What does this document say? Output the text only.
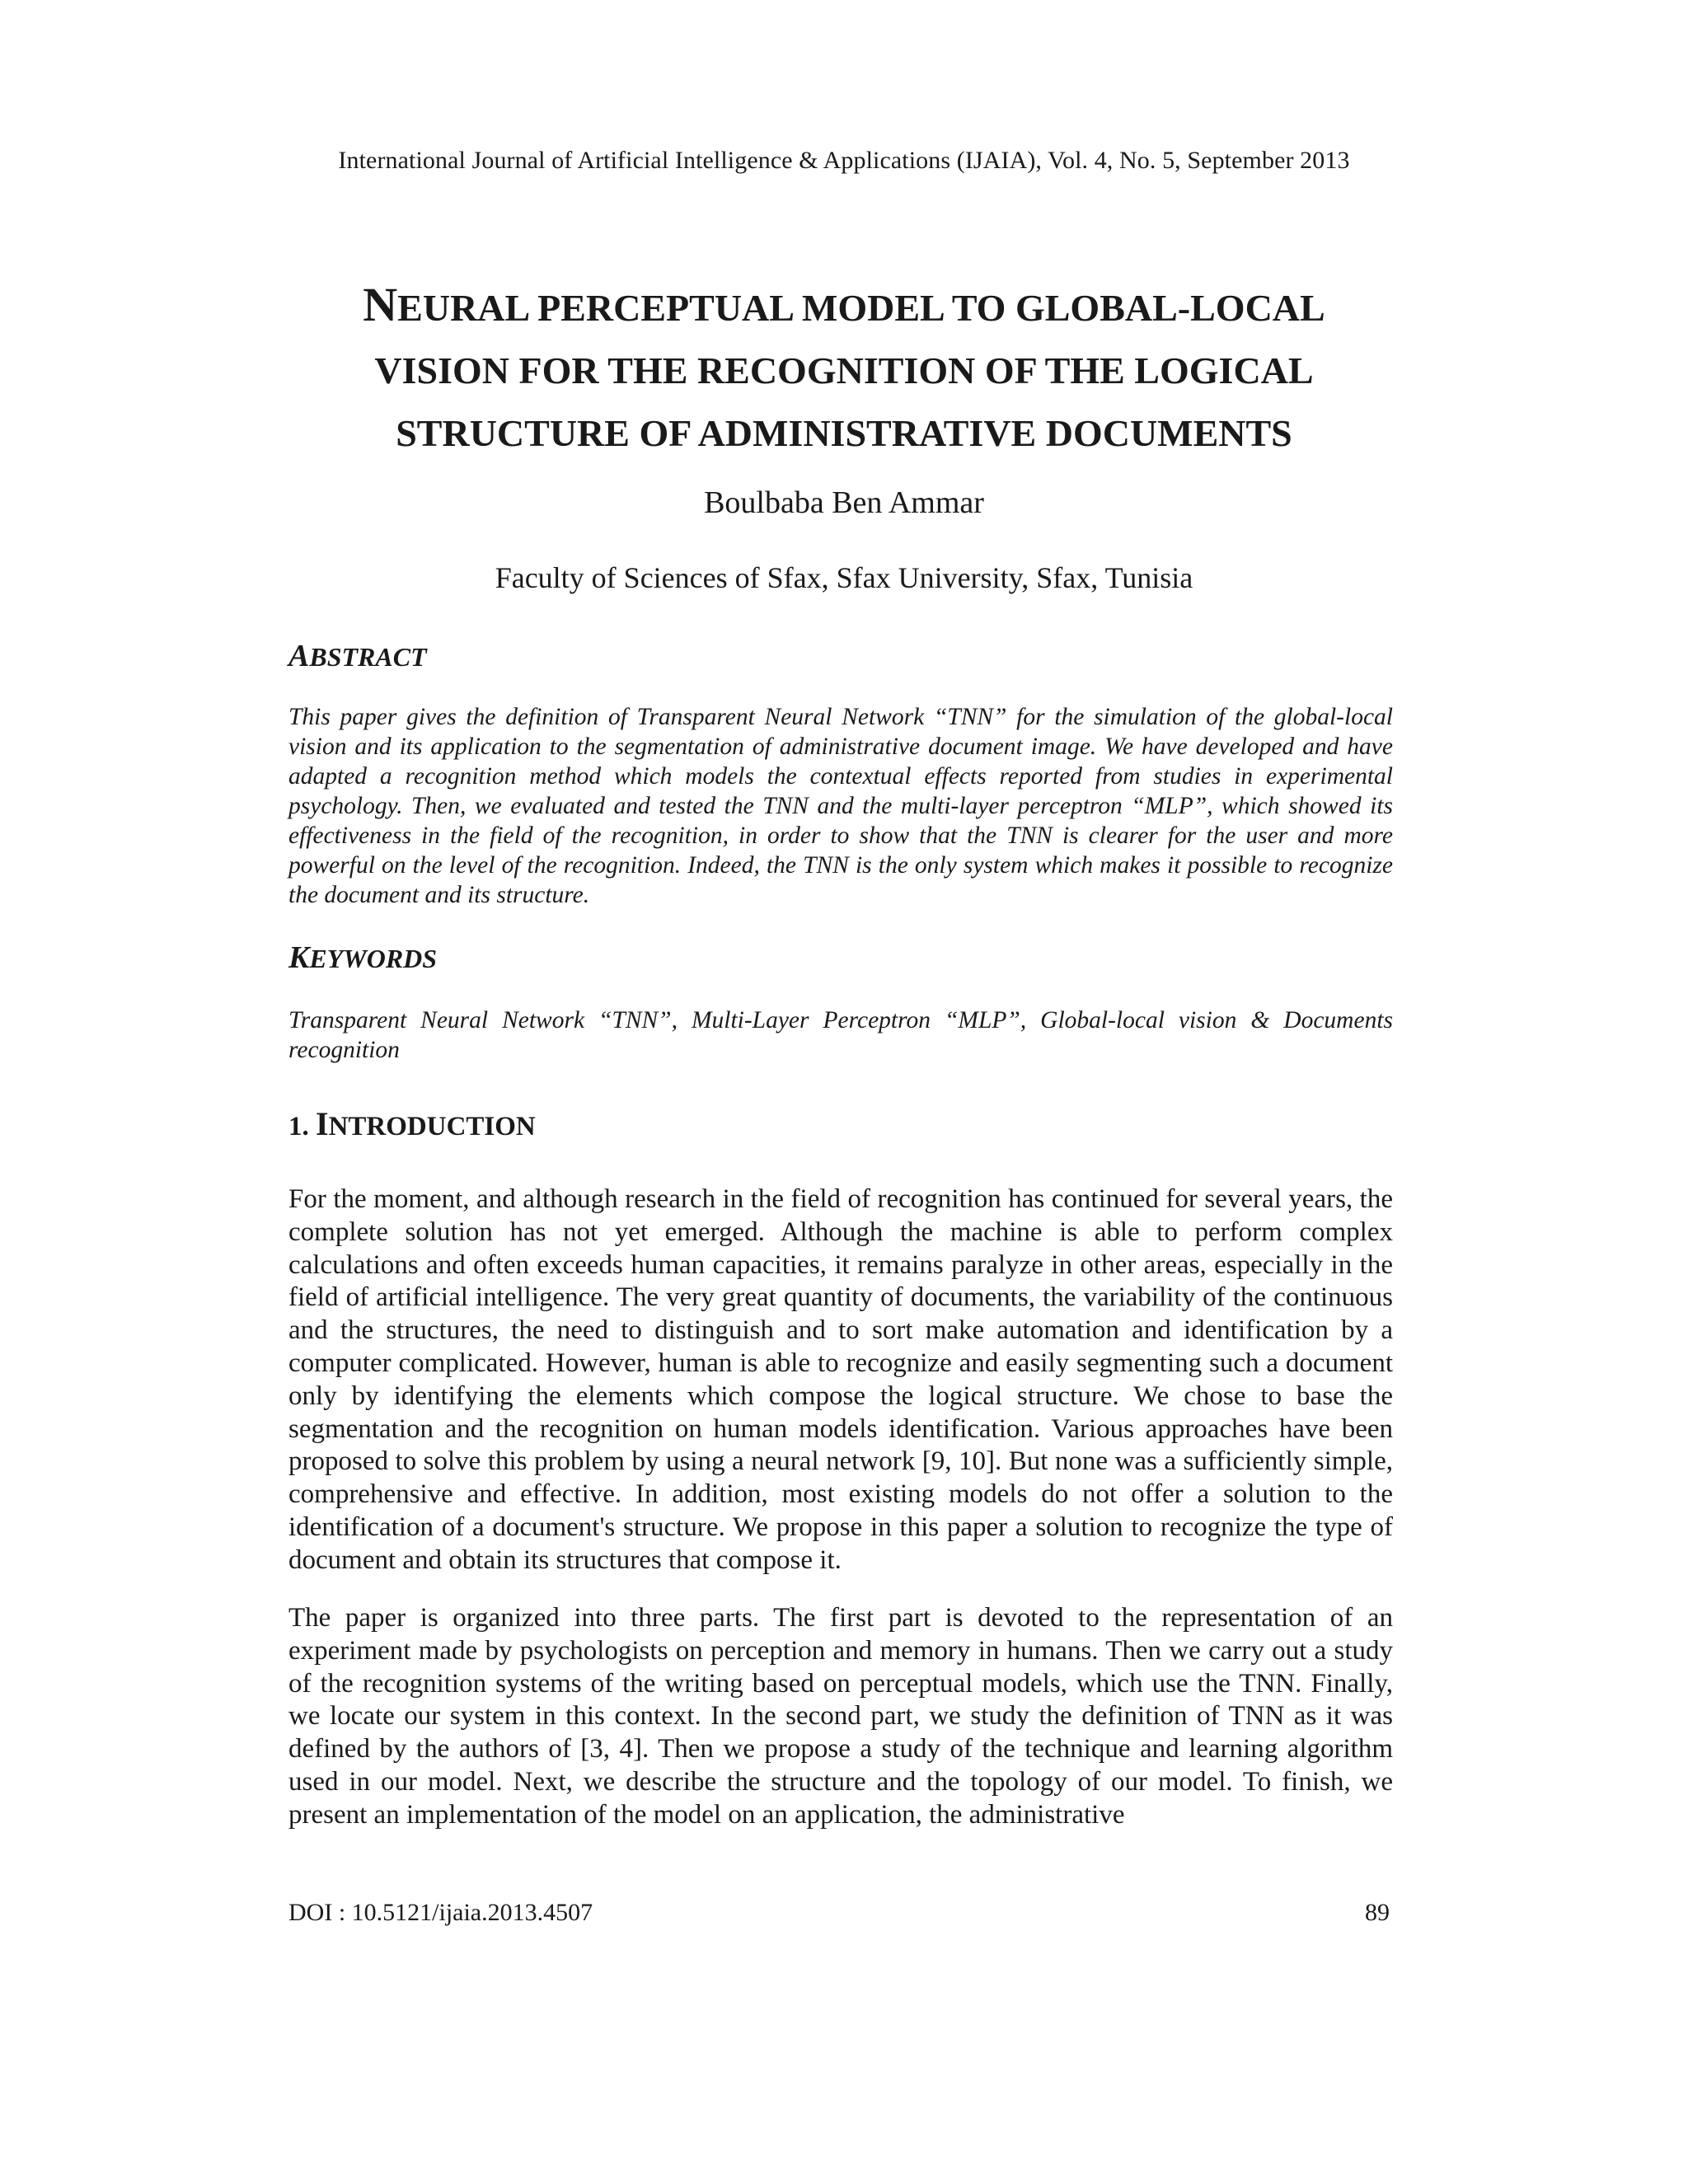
International Journal of Artificial Intelligence & Applications (IJAIA), Vol. 4, No. 5, September 2013
NEURAL PERCEPTUAL MODEL TO GLOBAL-LOCAL
VISION FOR THE RECOGNITION OF THE LOGICAL
STRUCTURE OF ADMINISTRATIVE DOCUMENTS
Boulbaba Ben Ammar
Faculty of Sciences of Sfax, Sfax University, Sfax, Tunisia
ABSTRACT
This paper gives the definition of Transparent Neural Network “TNN” for the simulation of the global-local vision and its application to the segmentation of administrative document image. We have developed and have adapted a recognition method which models the contextual effects reported from studies in experimental psychology. Then, we evaluated and tested the TNN and the multi-layer perceptron “MLP”, which showed its effectiveness in the field of the recognition, in order to show that the TNN is clearer for the user and more powerful on the level of the recognition. Indeed, the TNN is the only system which makes it possible to recognize the document and its structure.
KEYWORDS
Transparent Neural Network “TNN”, Multi-Layer Perceptron “MLP”, Global-local vision & Documents recognition
1. INTRODUCTION
For the moment, and although research in the field of recognition has continued for several years, the complete solution has not yet emerged. Although the machine is able to perform complex calculations and often exceeds human capacities, it remains paralyze in other areas, especially in the field of artificial intelligence. The very great quantity of documents, the variability of the continuous and the structures, the need to distinguish and to sort make automation and identification by a computer complicated. However, human is able to recognize and easily segmenting such a document only by identifying the elements which compose the logical structure. We chose to base the segmentation and the recognition on human models identification. Various approaches have been proposed to solve this problem by using a neural network [9, 10]. But none was a sufficiently simple, comprehensive and effective. In addition, most existing models do not offer a solution to the identification of a document's structure. We propose in this paper a solution to recognize the type of document and obtain its structures that compose it.
The paper is organized into three parts. The first part is devoted to the representation of an experiment made by psychologists on perception and memory in humans. Then we carry out a study of the recognition systems of the writing based on perceptual models, which use the TNN. Finally, we locate our system in this context. In the second part, we study the definition of TNN as it was defined by the authors of [3, 4]. Then we propose a study of the technique and learning algorithm used in our model. Next, we describe the structure and the topology of our model. To finish, we present an implementation of the model on an application, the administrative
DOI : 10.5121/ijaia.2013.4507	89
